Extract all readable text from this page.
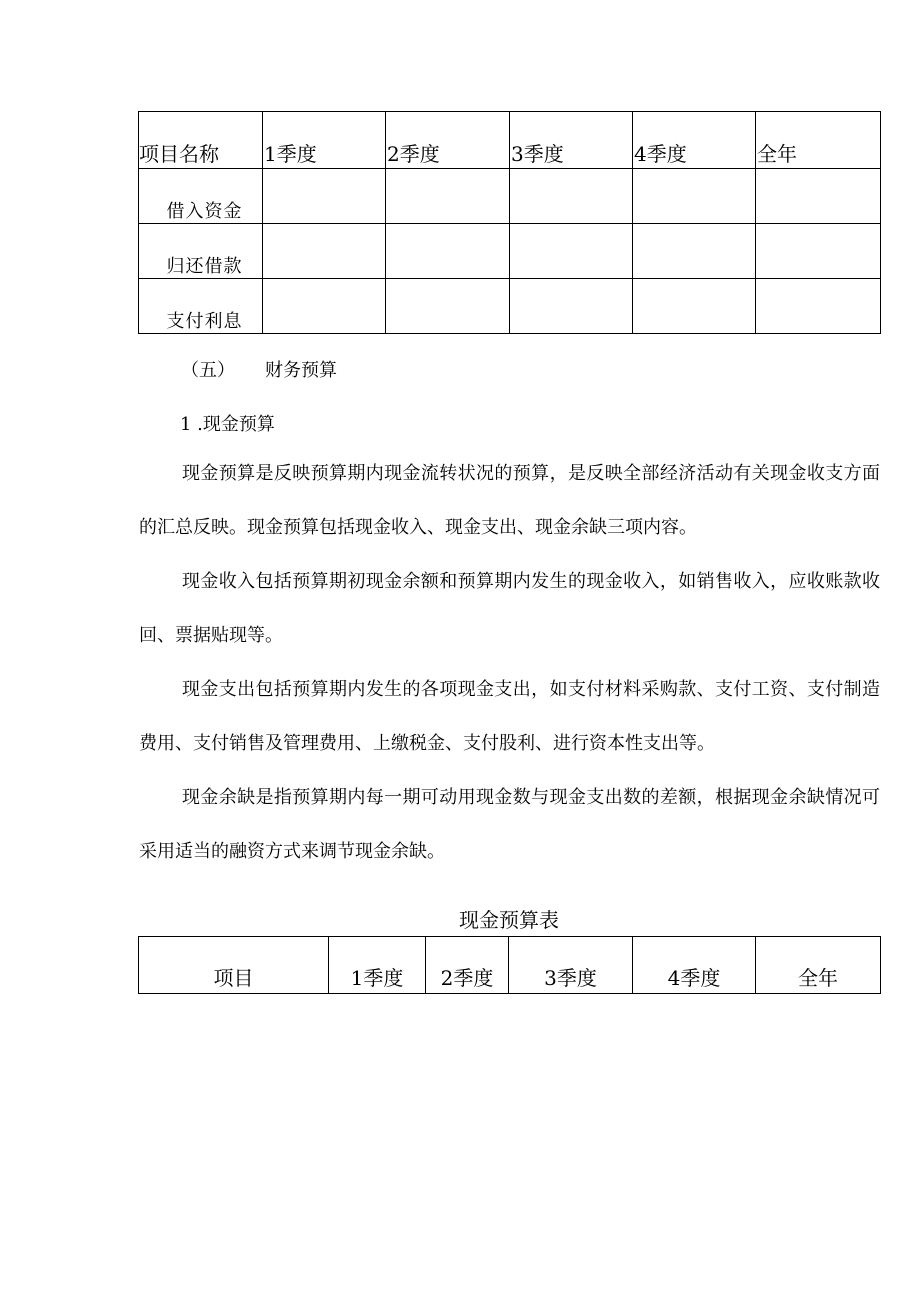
项目名称	1季度	2季度	3季度	4季度	全年
借入资金					
归还借款					
支付利息					
（五） 财务预算
1 .现金预算
现金预算是反映预算期内现金流转状况的预算，是反映全部经济活动有关现金收支方面的汇总反映。现金预算包括现金收入、现金支出、现金余缺三项内容。
现金收入包括预算期初现金余额和预算期内发生的现金收入，如销售收入，应收账款收回、票据贴现等。
现金支出包括预算期内发生的各项现金支出，如支付材料采购款、支付工资、支付制造费用、支付销售及管理费用、上缴税金、支付股利、进行资本性支出等。
现金余缺是指预算期内每一期可动用现金数与现金支出数的差额，根据现金余缺情况可采用适当的融资方式来调节现金余缺。
现金预算表
项目	1季度	2季度	3季度	4季度	全年
